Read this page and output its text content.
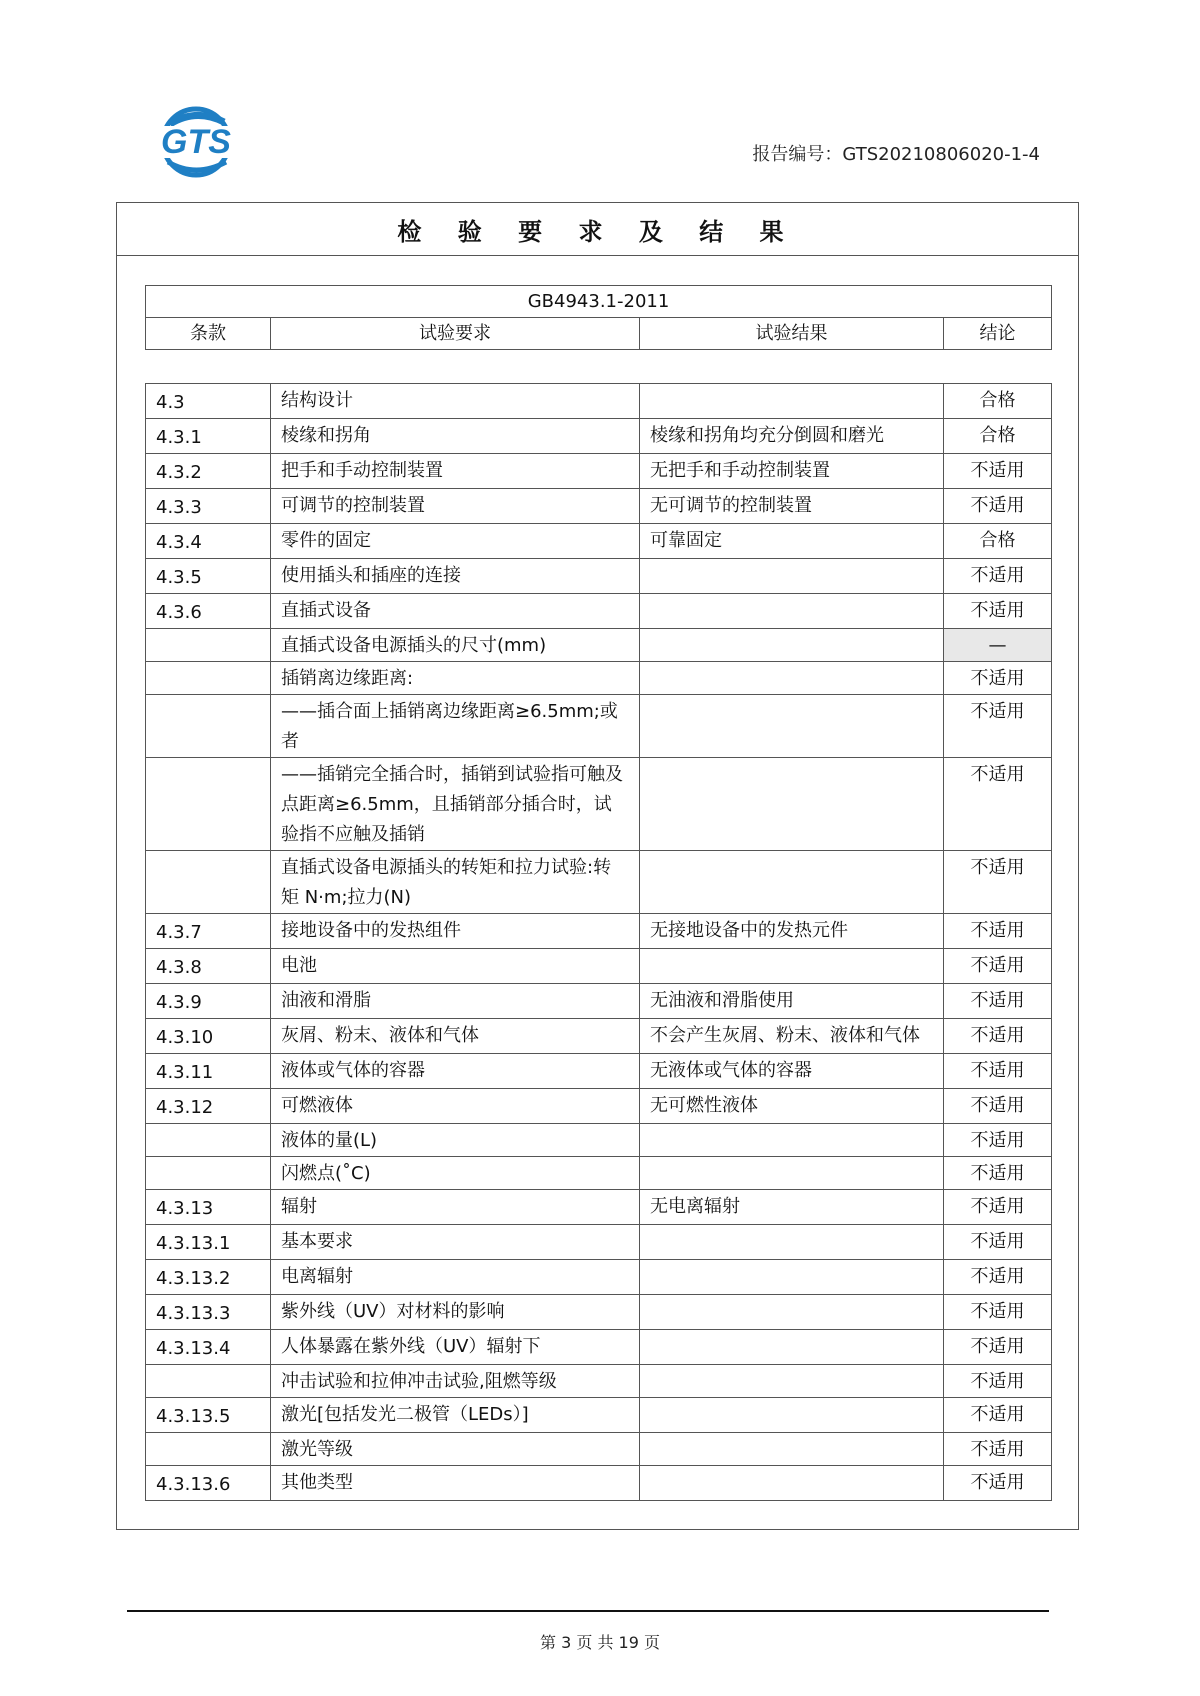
GTS	报告编号：GTS20210806020-1-4
检 验 要 求 及 结 果
GB4943.1-2011
条款	试验要求	试验结果	结论
4.3	结构设计		合格
4.3.1	棱缘和拐角	棱缘和拐角均充分倒圆和磨光	合格
4.3.2	把手和手动控制装置	无把手和手动控制装置	不适用
4.3.3	可调节的控制装置	无可调节的控制装置	不适用
4.3.4	零件的固定	可靠固定	合格
4.3.5	使用插头和插座的连接		不适用
4.3.6	直插式设备		不适用
	直插式设备电源插头的尺寸(mm)		—
	插销离边缘距离:		不适用
	——插合面上插销离边缘距离≥6.5mm;或者		不适用
	——插销完全插合时，插销到试验指可触及点距离≥6.5mm，且插销部分插合时，试验指不应触及插销		不适用
	直插式设备电源插头的转矩和拉力试验:转矩 N·m;拉力(N)		不适用
4.3.7	接地设备中的发热组件	无接地设备中的发热元件	不适用
4.3.8	电池		不适用
4.3.9	油液和滑脂	无油液和滑脂使用	不适用
4.3.10	灰屑、粉末、液体和气体	不会产生灰屑、粉末、液体和气体	不适用
4.3.11	液体或气体的容器	无液体或气体的容器	不适用
4.3.12	可燃液体	无可燃性液体	不适用
	液体的量(L)		不适用
	闪燃点(˚C)		不适用
4.3.13	辐射	无电离辐射	不适用
4.3.13.1	基本要求		不适用
4.3.13.2	电离辐射		不适用
4.3.13.3	紫外线（UV）对材料的影响		不适用
4.3.13.4	人体暴露在紫外线（UV）辐射下		不适用
	冲击试验和拉伸冲击试验,阻燃等级		不适用
4.3.13.5	激光[包括发光二极管（LEDs）]		不适用
	激光等级		不适用
4.3.13.6	其他类型		不适用
第 3 页 共 19 页
